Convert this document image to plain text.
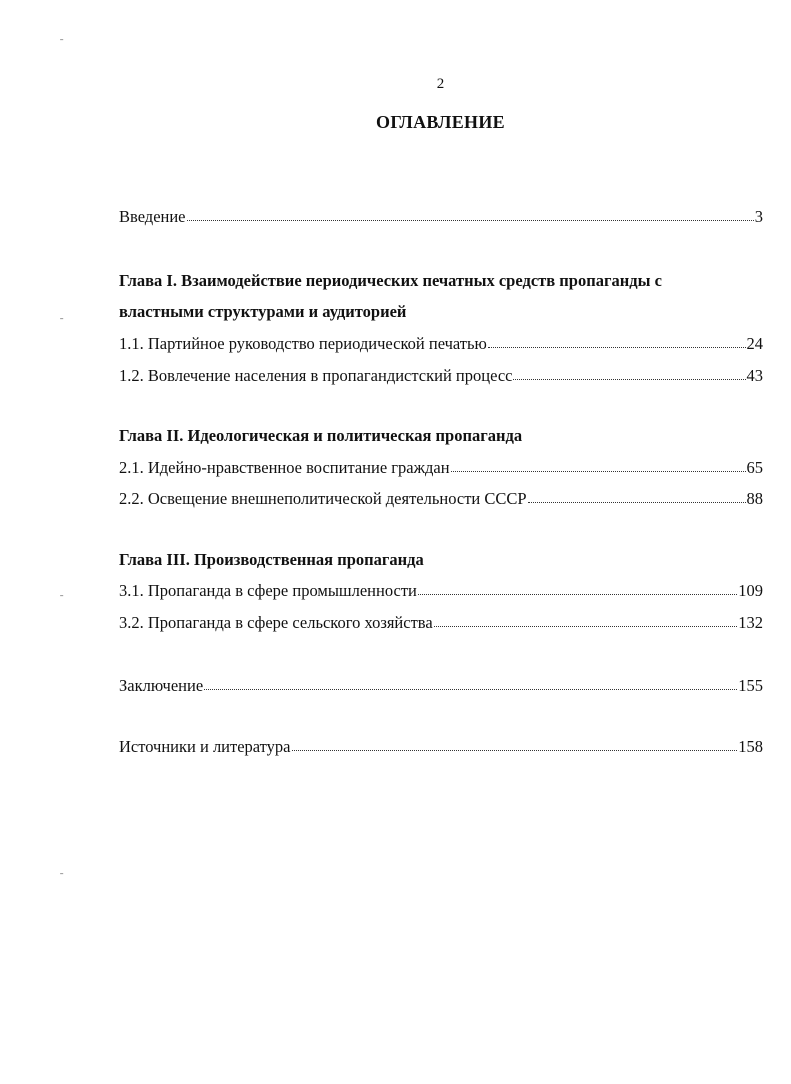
2
ОГЛАВЛЕНИЕ
˗
˗
˗
˗
Введение	3
Глава I. Взаимодействие периодических печатных средств пропаганды с
властными структурами и аудиторией
1.1. Партийное руководство периодической печатью	24
1.2. Вовлечение населения в пропагандистский процесс	43
Глава II. Идеологическая и политическая пропаганда
2.1. Идейно-нравственное воспитание граждан	65
2.2. Освещение внешнеполитической деятельности СССР	88
Глава III. Производственная пропаганда
3.1. Пропаганда в сфере промышленности	109
3.2. Пропаганда в сфере сельского хозяйства	132
Заключение	155
Источники и литература	158
